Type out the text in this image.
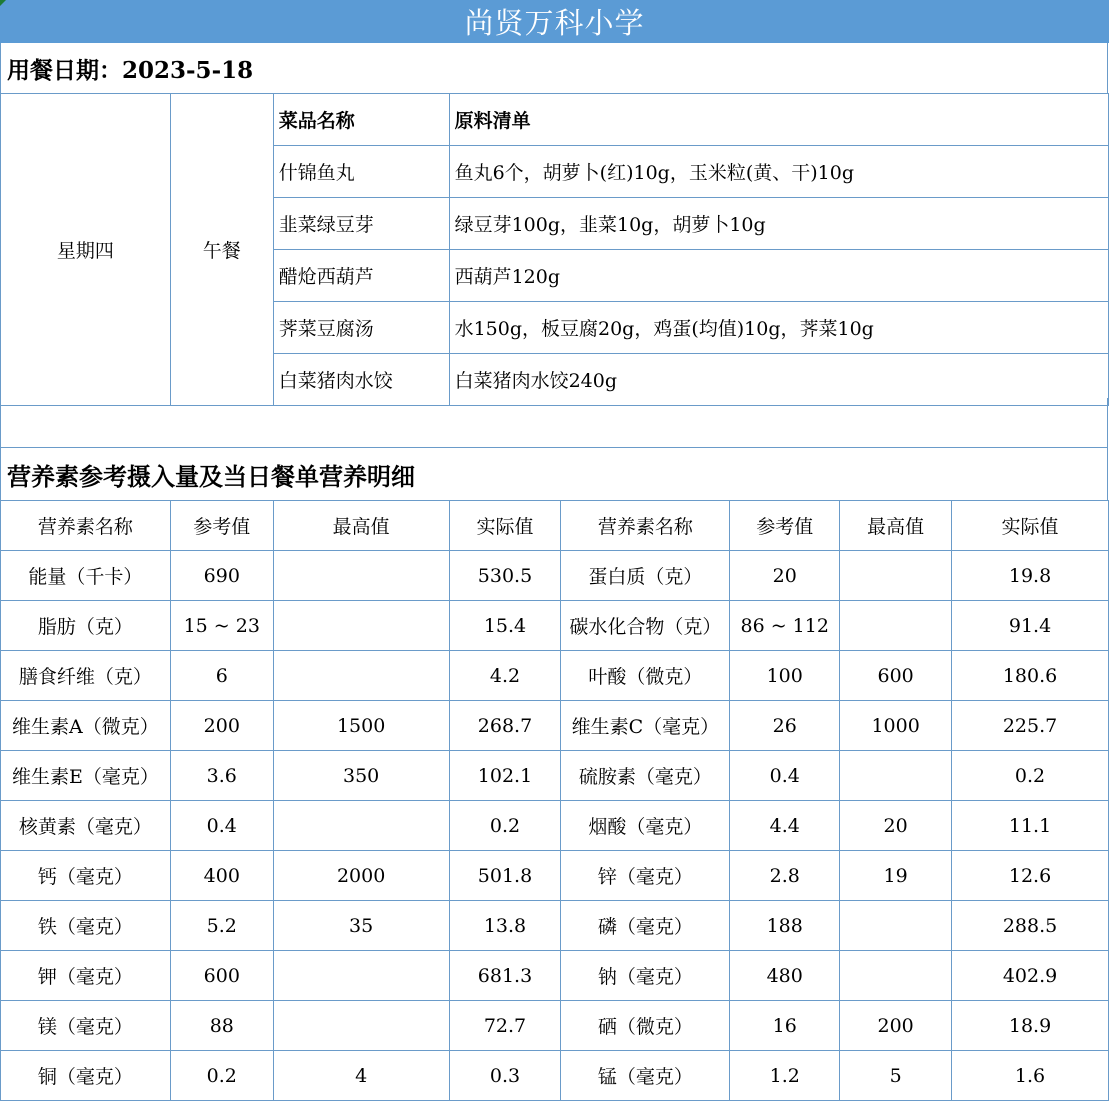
尚贤万科小学
用餐日期：2023-5-18
星期四	午餐	菜品名称	原料清单
		什锦鱼丸	鱼丸6个，胡萝卜(红)10g，玉米粒(黄、干)10g
		韭菜绿豆芽	绿豆芽100g，韭菜10g，胡萝卜10g
		醋炝西葫芦	西葫芦120g
		荠菜豆腐汤	水150g，板豆腐20g，鸡蛋(均值)10g，荠菜10g
		白菜猪肉水饺	白菜猪肉水饺240g
营养素参考摄入量及当日餐单营养明细
营养素名称	参考值	最高值	实际值	营养素名称	参考值	最高值	实际值
能量（千卡）	690		530.5	蛋白质（克）	20		19.8
脂肪（克）	15 ~ 23		15.4	碳水化合物（克）	86 ~ 112		91.4
膳食纤维（克）	6		4.2	叶酸（微克）	100	600	180.6
维生素A（微克）	200	1500	268.7	维生素C（毫克）	26	1000	225.7
维生素E（毫克）	3.6	350	102.1	硫胺素（毫克）	0.4		0.2
核黄素（毫克）	0.4		0.2	烟酸（毫克）	4.4	20	11.1
钙（毫克）	400	2000	501.8	锌（毫克）	2.8	19	12.6
铁（毫克）	5.2	35	13.8	磷（毫克）	188		288.5
钾（毫克）	600		681.3	钠（毫克）	480		402.9
镁（毫克）	88		72.7	硒（微克）	16	200	18.9
铜（毫克）	0.2	4	0.3	锰（毫克）	1.2	5	1.6
